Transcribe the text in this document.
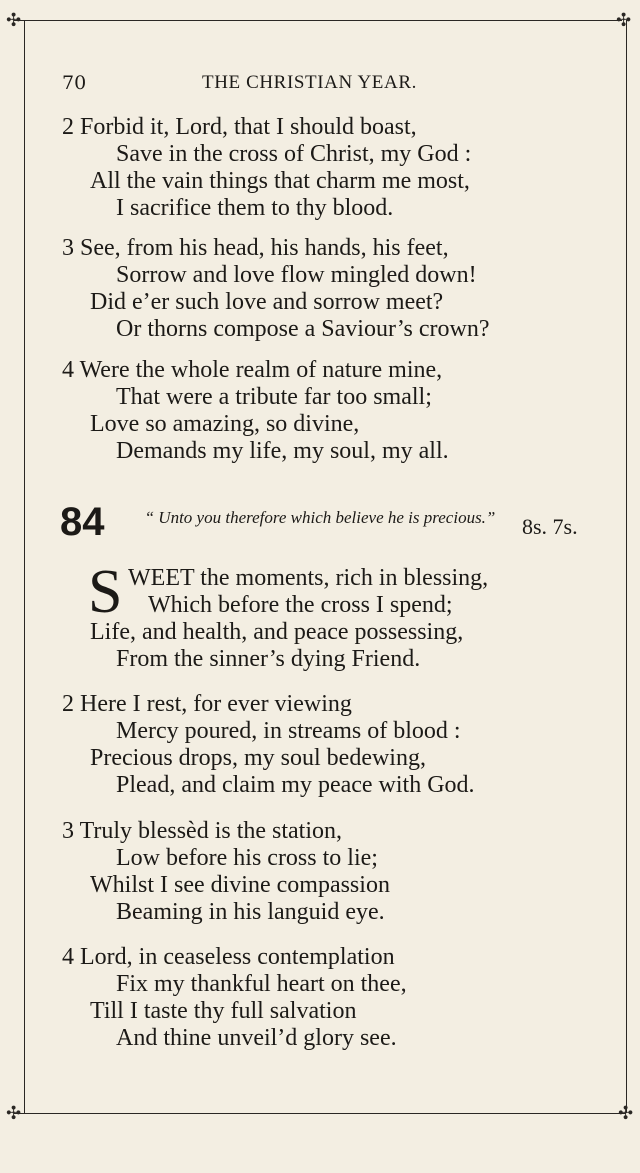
✣	✣
✣	✣
70	THE CHRISTIAN YEAR.
2 Forbid it, Lord, that I should boast,
Save in the cross of Christ, my God :
All the vain things that charm me most,
I sacrifice them to thy blood.
3 See, from his head, his hands, his feet,
Sorrow and love flow mingled down!
Did e’er such love and sorrow meet?
Or thorns compose a Saviour’s crown?
4 Were the whole realm of nature mine,
That were a tribute far too small;
Love so amazing, so divine,
Demands my life, my soul, my all.
84 “ Unto you therefore which believe he is precious.” 8s. 7s.
S WEET the moments, rich in blessing,
Which before the cross I spend;
Life, and health, and peace possessing,
From the sinner’s dying Friend.
2 Here I rest, for ever viewing
Mercy poured, in streams of blood :
Precious drops, my soul bedewing,
Plead, and claim my peace with God.
3 Truly blessèd is the station,
Low before his cross to lie;
Whilst I see divine compassion
Beaming in his languid eye.
4 Lord, in ceaseless contemplation
Fix my thankful heart on thee,
Till I taste thy full salvation
And thine unveil’d glory see.
